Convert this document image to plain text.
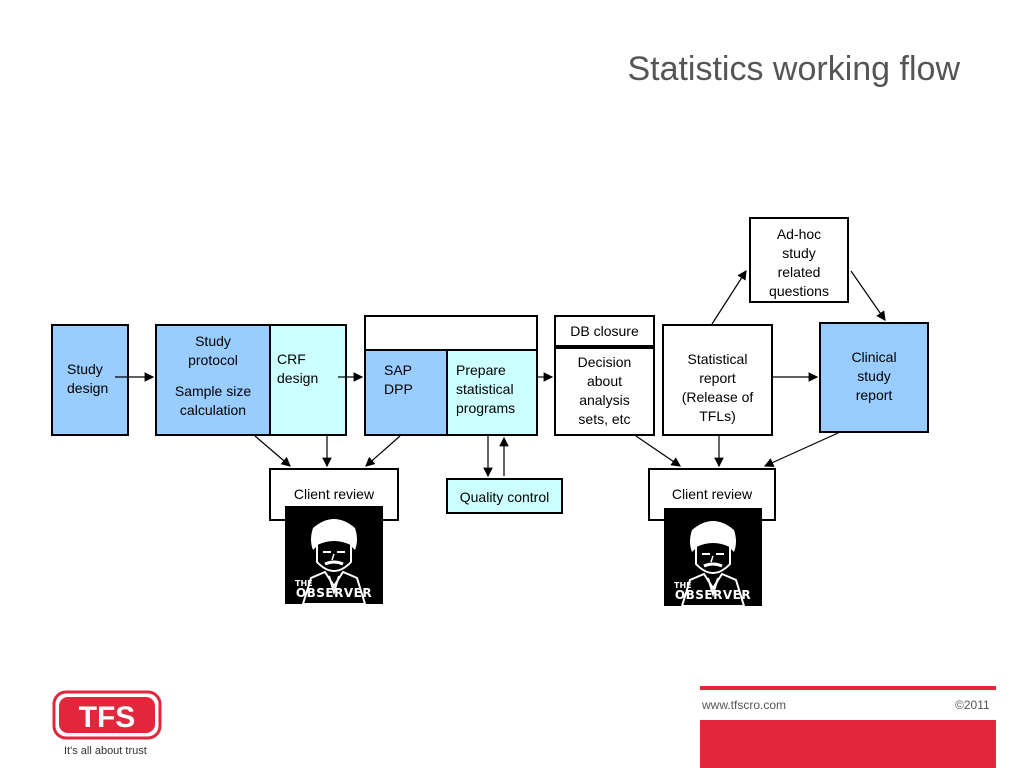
Statistics working flow
Study
design
Study
protocol
Sample size
calculation
CRF
design	SAP
DPP
Prepare
statistical
programs
DB closure
Decision
about
analysis
sets, etc
Statistical
report
(Release of
TFLs)
Ad-hoc
study
related
questions
Clinical
study
report
Client review	Quality control	Client review
THE
OBSERVER
THE
OBSERVER
TFS
It's all about trust
www.tfscro.com	©2011
